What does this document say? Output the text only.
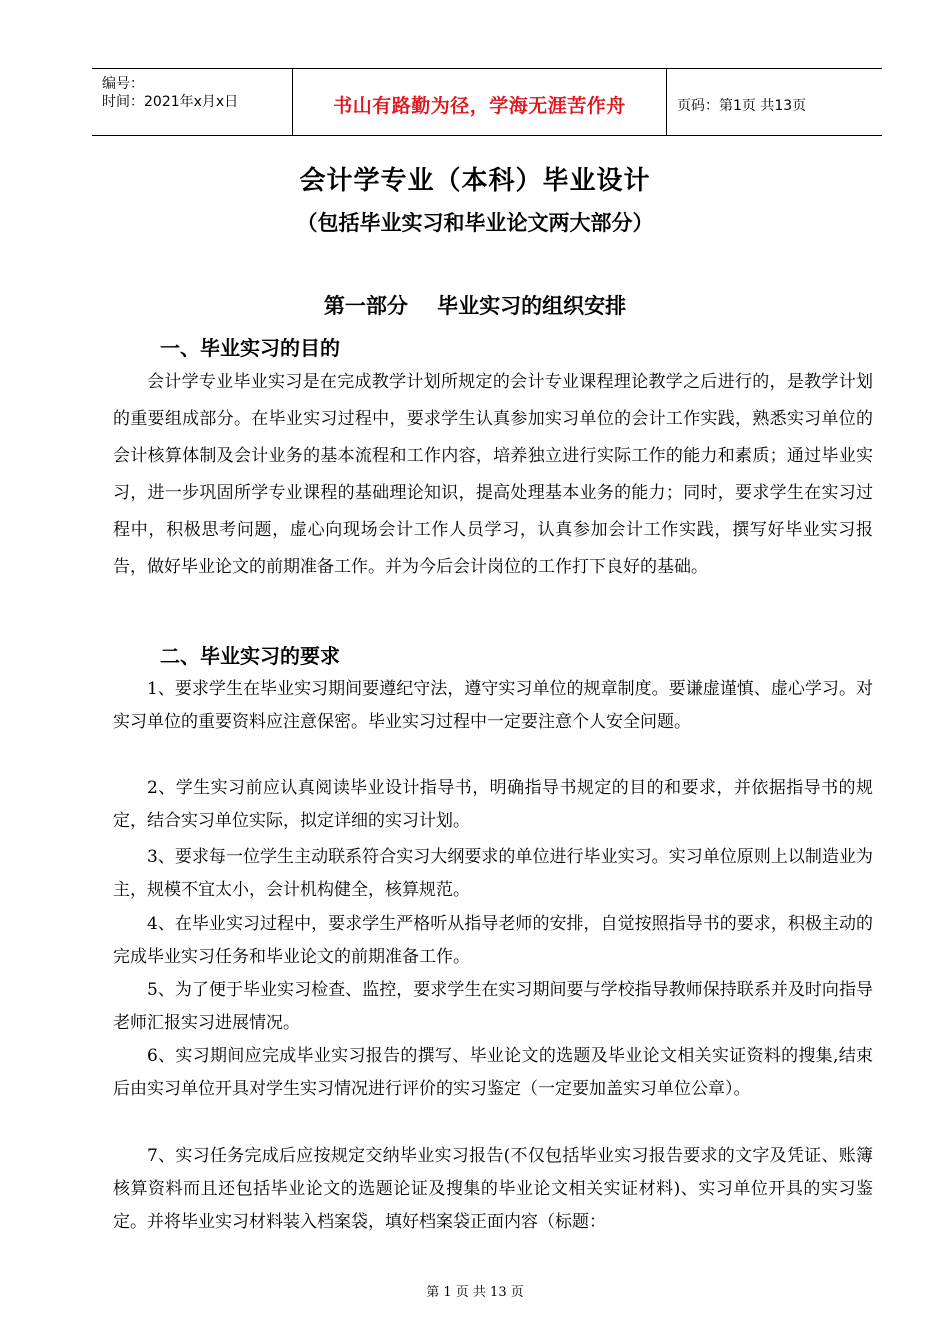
编号：
时间：2021年x月x日	书山有路勤为径，学海无涯苦作舟	页码：第1页 共13页
会计学专业（本科）毕业设计
（包括毕业实习和毕业论文两大部分）
第一部分    毕业实习的组织安排
一、毕业实习的目的

会计学专业毕业实习是在完成教学计划所规定的会计专业课程理论教学之后进行的，是教学计划的重要组成部分。在毕业实习过程中，要求学生认真参加实习单位的会计工作实践，熟悉实习单位的会计核算体制及会计业务的基本流程和工作内容，培养独立进行实际工作的能力和素质；通过毕业实习，进一步巩固所学专业课程的基础理论知识，提高处理基本业务的能力；同时，要求学生在实习过程中，积极思考问题，虚心向现场会计工作人员学习，认真参加会计工作实践，撰写好毕业实习报告，做好毕业论文的前期准备工作。并为今后会计岗位的工作打下良好的基础。

二、毕业实习的要求

1、要求学生在毕业实习期间要遵纪守法，遵守实习单位的规章制度。要谦虚谨慎、虚心学习。对实习单位的重要资料应注意保密。毕业实习过程中一定要注意个人安全问题。

2、学生实习前应认真阅读毕业设计指导书，明确指导书规定的目的和要求，并依据指导书的规定，结合实习单位实际，拟定详细的实习计划。

3、要求每一位学生主动联系符合实习大纲要求的单位进行毕业实习。实习单位原则上以制造业为主，规模不宜太小，会计机构健全，核算规范。

4、在毕业实习过程中，要求学生严格听从指导老师的安排，自觉按照指导书的要求，积极主动的完成毕业实习任务和毕业论文的前期准备工作。

5、为了便于毕业实习检查、监控，要求学生在实习期间要与学校指导教师保持联系并及时向指导老师汇报实习进展情况。

6、实习期间应完成毕业实习报告的撰写、毕业论文的选题及毕业论文相关实证资料的搜集,结束后由实习单位开具对学生实习情况进行评价的实习鉴定（一定要加盖实习单位公章）。

7、实习任务完成后应按规定交纳毕业实习报告(不仅包括毕业实习报告要求的文字及凭证、账簿核算资料而且还包括毕业论文的选题论证及搜集的毕业论文相关实证材料)、实习单位开具的实习鉴定。并将毕业实习材料装入档案袋，填好档案袋正面内容（标题：

第 1 页 共 13 页
